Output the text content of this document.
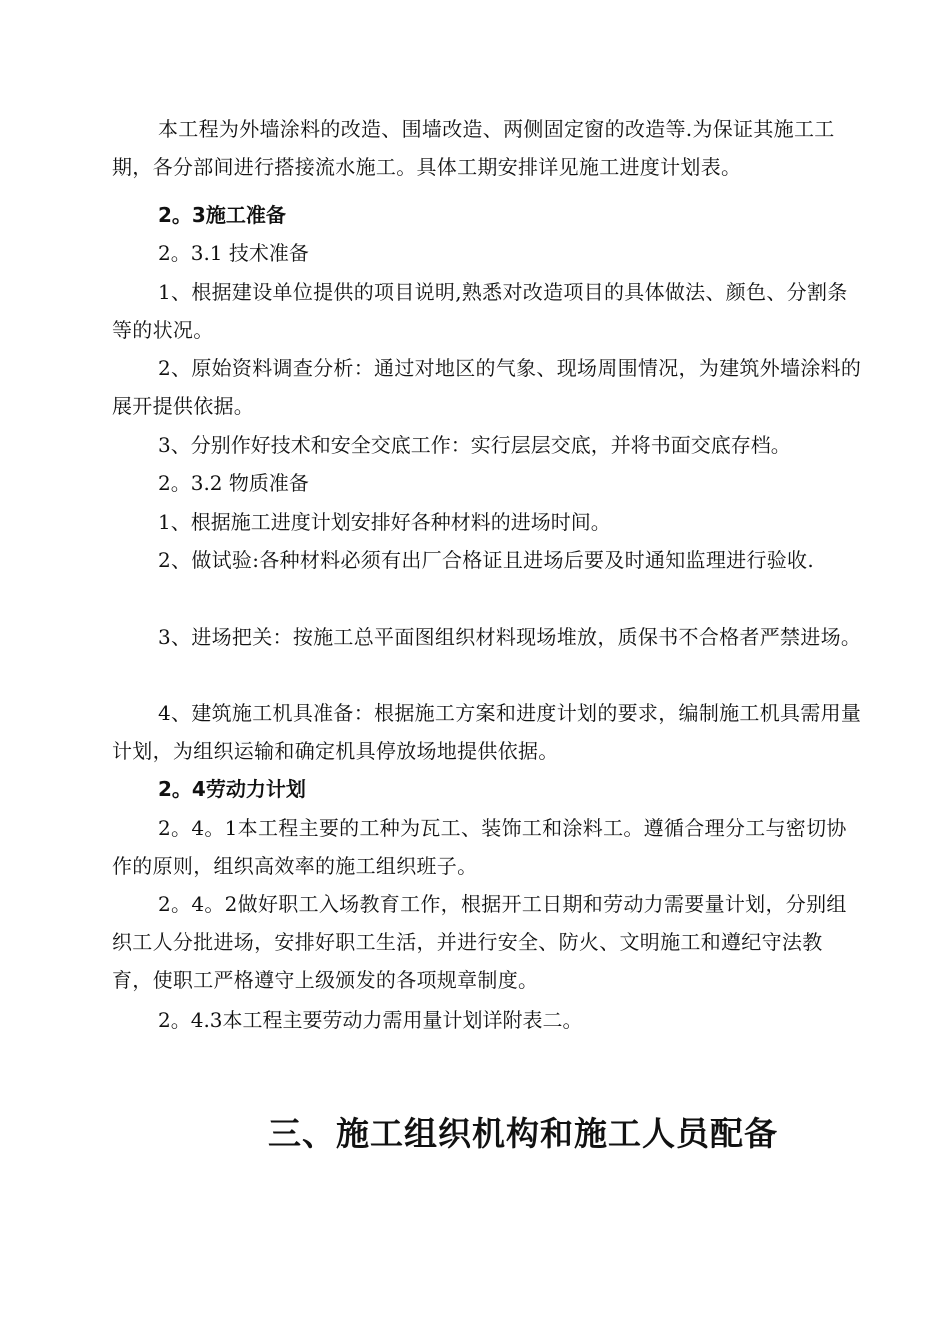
本工程为外墙涂料的改造、围墙改造、两侧固定窗的改造等.为保证其施工工期，各分部间进行搭接流水施工。具体工期安排详见施工进度计划表。
2。3施工准备
2。3.1 技术准备
1、根据建设单位提供的项目说明,熟悉对改造项目的具体做法、颜色、分割条等的状况。
2、原始资料调查分析：通过对地区的气象、现场周围情况，为建筑外墙涂料的展开提供依据。
3、分别作好技术和安全交底工作：实行层层交底，并将书面交底存档。
2。3.2 物质准备
1、根据施工进度计划安排好各种材料的进场时间。
2、做试验:各种材料必须有出厂合格证且进场后要及时通知监理进行验收.
3、进场把关：按施工总平面图组织材料现场堆放，质保书不合格者严禁进场。
4、建筑施工机具准备：根据施工方案和进度计划的要求，编制施工机具需用量计划，为组织运输和确定机具停放场地提供依据。
2。4劳动力计划
2。4。1本工程主要的工种为瓦工、装饰工和涂料工。遵循合理分工与密切协作的原则，组织高效率的施工组织班子。
2。4。2做好职工入场教育工作，根据开工日期和劳动力需要量计划，分别组织工人分批进场，安排好职工生活，并进行安全、防火、文明施工和遵纪守法教育，使职工严格遵守上级颁发的各项规章制度。
2。4.3本工程主要劳动力需用量计划详附表二。
三、施工组织机构和施工人员配备
